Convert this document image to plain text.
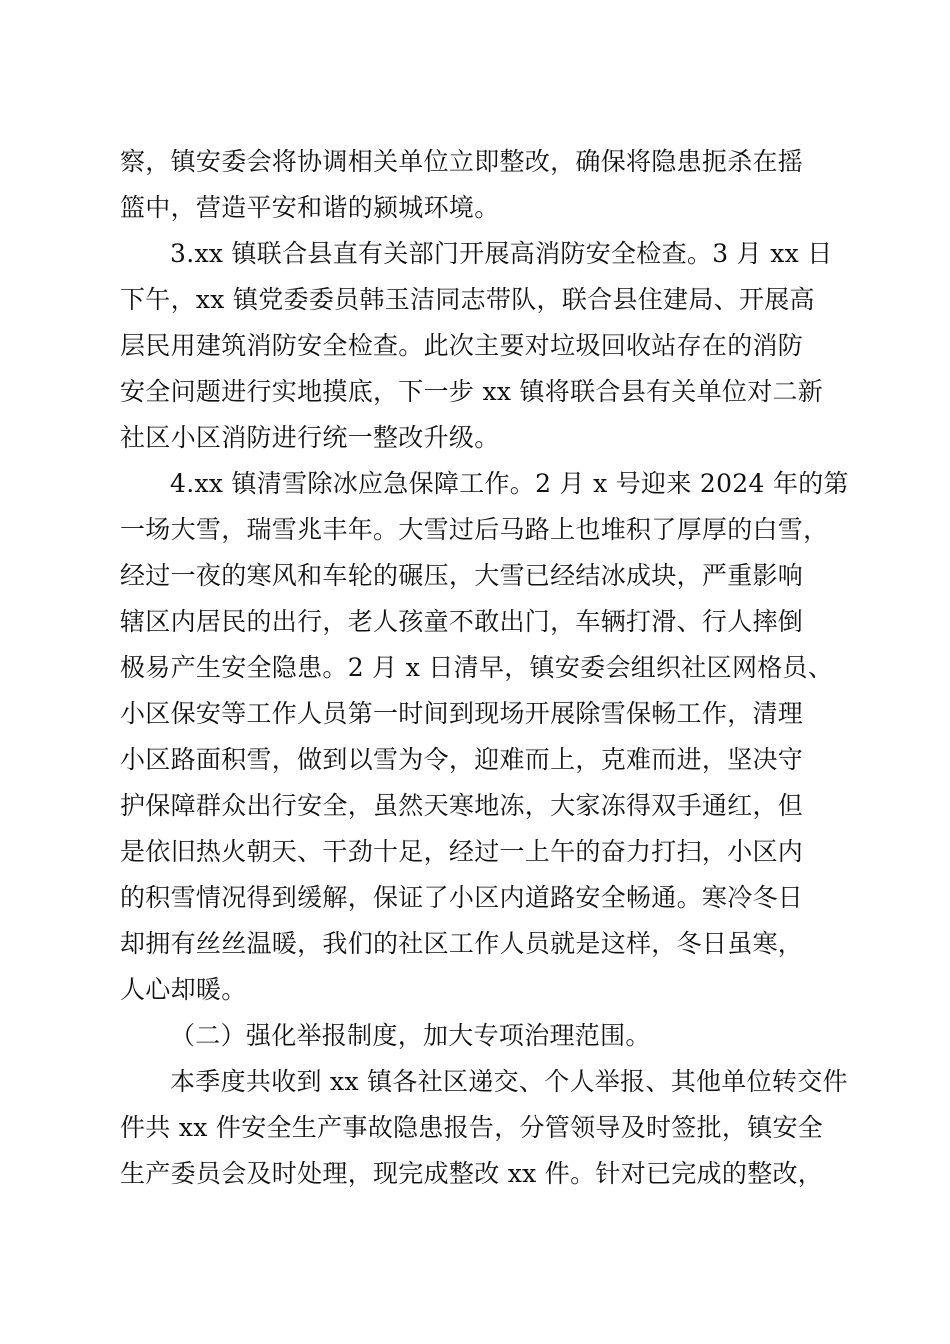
察，镇安委会将协调相关单位立即整改，确保将隐患扼杀在摇

篮中，营造平安和谐的颍城环境。

3.xx 镇联合县直有关部门开展高消防安全检查。3 月 xx 日

下午，xx 镇党委委员韩玉洁同志带队，联合县住建局、开展高

层民用建筑消防安全检查。此次主要对垃圾回收站存在的消防

安全问题进行实地摸底，下一步 xx 镇将联合县有关单位对二新

社区小区消防进行统一整改升级。

4.xx 镇清雪除冰应急保障工作。2 月 x 号迎来 2024 年的第

一场大雪，瑞雪兆丰年。大雪过后马路上也堆积了厚厚的白雪，

经过一夜的寒风和车轮的碾压，大雪已经结冰成块，严重影响

辖区内居民的出行，老人孩童不敢出门，车辆打滑、行人摔倒

极易产生安全隐患。2 月 x 日清早，镇安委会组织社区网格员、

小区保安等工作人员第一时间到现场开展除雪保畅工作，清理

小区路面积雪，做到以雪为令，迎难而上，克难而进，坚决守

护保障群众出行安全，虽然天寒地冻，大家冻得双手通红，但

是依旧热火朝天、干劲十足，经过一上午的奋力打扫，小区内

的积雪情况得到缓解，保证了小区内道路安全畅通。寒冷冬日

却拥有丝丝温暖，我们的社区工作人员就是这样，冬日虽寒，

人心却暖。

（二）强化举报制度，加大专项治理范围。

本季度共收到 xx 镇各社区递交、个人举报、其他单位转交件

件共 xx 件安全生产事故隐患报告，分管领导及时签批，镇安全

生产委员会及时处理，现完成整改 xx 件。针对已完成的整改，
